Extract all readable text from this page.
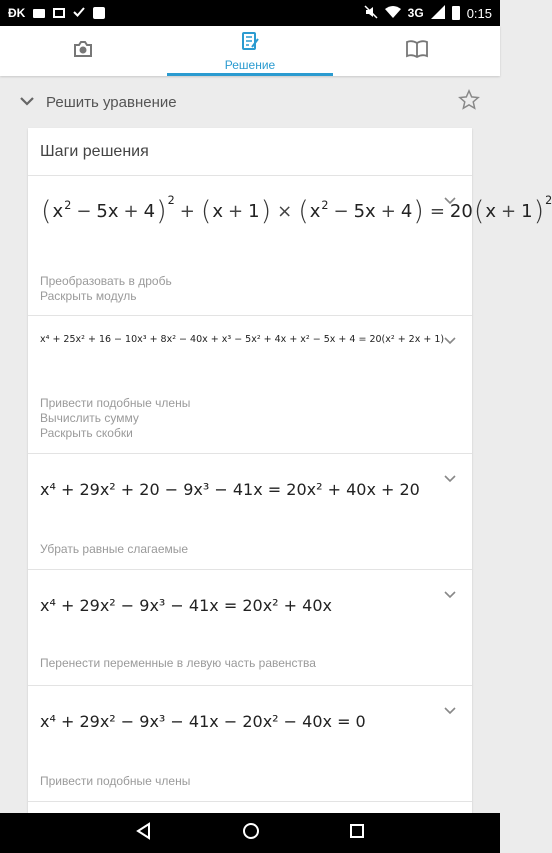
ÐK	3G	0:15
Решение
Решить уравнение
Шаги решения
( $x^2 - 5x + 4$ ) 2
+ ( x + 1 ) × ( $x^2 - 5x + 4$ ) = 20 ( x + 1 ) 2
Преобразовать в дробь
Раскрыть модуль
x⁴ + 25x² + 16 − 10x³ + 8x² − 40x + x³ − 5x² + 4x + x² − 5x + 4 = 20(x² + 2x + 1)
Привести подобные члены
Вычислить сумму
Раскрыть скобки
x⁴ + 29x² + 20 − 9x³ − 41x = 20x² + 40x + 20
Убрать равные слагаемые
x⁴ + 29x² − 9x³ − 41x = 20x² + 40x
Перенести переменные в левую часть равенства
x⁴ + 29x² − 9x³ − 41x − 20x² − 40x = 0
Привести подобные члены
